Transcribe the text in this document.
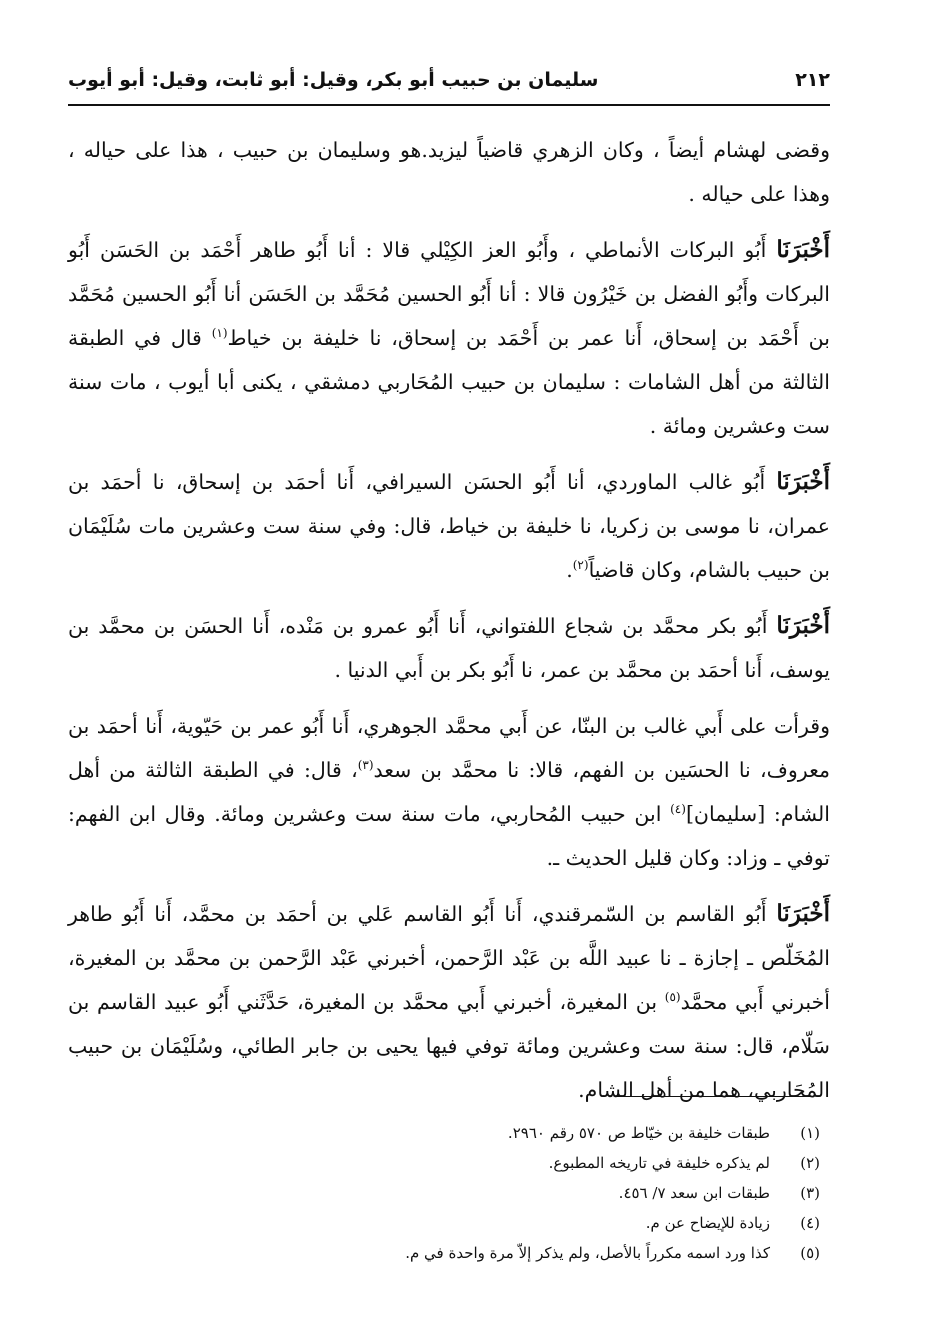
٢١٢
سليمان بن حبيب أبو بكر، وقيل: أبو ثابت، وقيل: أبو أيوب

وقضى لهشام أيضاً ، وكان الزهري قاضياً ليزيد.هو وسليمان بن حبيب ، هذا على حياله ، وهذا على حياله .

أَخْبَرَنَا أَبُو البركات الأنماطي ، وأَبُو العز الكِيْلي قالا : أنا أَبُو طاهر أَحْمَد بن الحَسَن أَبُو البركات وأَبُو الفضل بن خَيْرُون قالا : أنا أَبُو الحسين مُحَمَّد بن الحَسَن أنا أَبُو الحسين مُحَمَّد بن أَحْمَد بن إسحاق، أَنا عمر بن أَحْمَد بن إسحاق، نا خليفة بن خياط$^{(١)}$ قال في الطبقة الثالثة من أهل الشامات : سليمان بن حبيب المُحَاربي دمشقي ، يكنى أبا أيوب ، مات سنة ست وعشرين ومائة .

أَخْبَرَنَا أَبُو غالب الماوردي، أنا أَبُو الحسَن السيرافي، أَنا أحمَد بن إسحاق، نا أحمَد بن عمران، نا موسى بن زكريا، نا خليفة بن خياط، قال: وفي سنة ست وعشرين مات سُلَيْمَان بن حبيب بالشام، وكان قاضياً$^{(٢)}$.

أَخْبَرَنَا أَبُو بكر محمَّد بن شجاع اللفتواني، أَنا أَبُو عمرو بن مَنْده، أَنا الحسَن بن محمَّد بن يوسف، أَنا أحمَد بن محمَّد بن عمر، نا أَبُو بكر بن أَبي الدنيا .

وقرأت على أَبي غالب بن البنّا، عن أَبي محمَّد الجوهري، أَنا أَبُو عمر بن حَيّوية، أَنا أحمَد بن معروف، نا الحسَين بن الفهم، قالا: نا محمَّد بن سعد$^{(٣)}$، قال: في الطبقة الثالثة من أهل الشام: [سليمان]$^{(٤)}$ ابن حبيب المُحاربي، مات سنة ست وعشرين ومائة. وقال ابن الفهم: توفي ـ وزاد: وكان قليل الحديث ـ.

أَخْبَرَنَا أَبُو القاسم بن السّمرقندي، أَنا أَبُو القاسم عَلي بن أحمَد بن محمَّد، أَنا أَبُو طاهر المُخَلّص ـ إجازة ـ نا عبيد اللَّه بن عَبْد الرَّحمن، أخبرني عَبْد الرَّحمن بن محمَّد بن المغيرة، أخبرني أَبي محمَّد$^{(٥)}$ بن المغيرة، أخبرني أَبي محمَّد بن المغيرة، حَدَّثَني أَبُو عبيد القاسم بن سَلّام، قال: سنة ست وعشرين ومائة توفي فيها يحيى بن جابر الطائي، وسُلَيْمَان بن حبيب المُحَاربي، هما من أهل الشام.

(١)
طبقات خليفة بن خيّاط ص ٥٧٠ رقم ٢٩٦٠.
(٢)
لم يذكره خليفة في تاريخه المطبوع.
(٣)
طبقات ابن سعد ٧/ ٤٥٦.
(٤)
زيادة للإيضاح عن م.
(٥)
كذا ورد اسمه مكرراً بالأصل، ولم يذكر إلاّ مرة واحدة في م.
